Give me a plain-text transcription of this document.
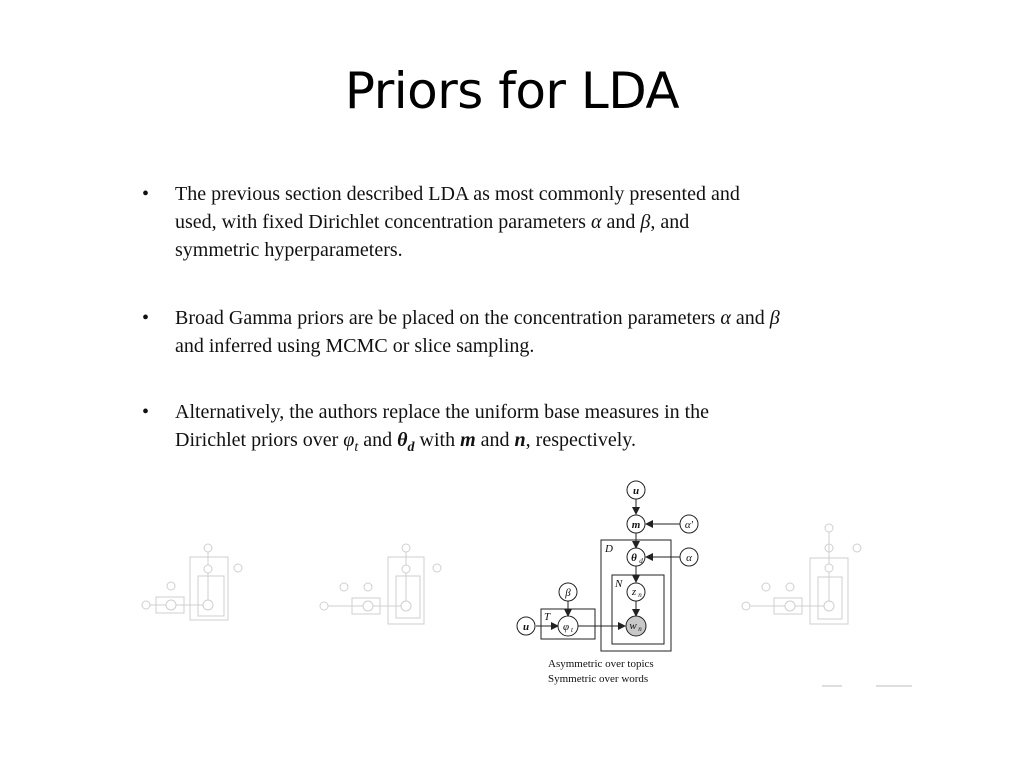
Priors for LDA
•	The previous section described LDA as most commonly presented and
used, with fixed Dirichlet concentration parameters α and β, and
symmetric hyperparameters.
•	Broad Gamma priors are be placed on the concentration parameters α and β
and inferred using MCMC or slice sampling.
•	Alternatively, the authors replace the uniform base measures in the
Dirichlet priors over $\varphi_t$ and $\theta_d$ with m and n, respectively.
u
m	α′
θ d	α
z n
β
u	φ t	w n
D
N
T
Asymmetric over topics
Symmetric over words
